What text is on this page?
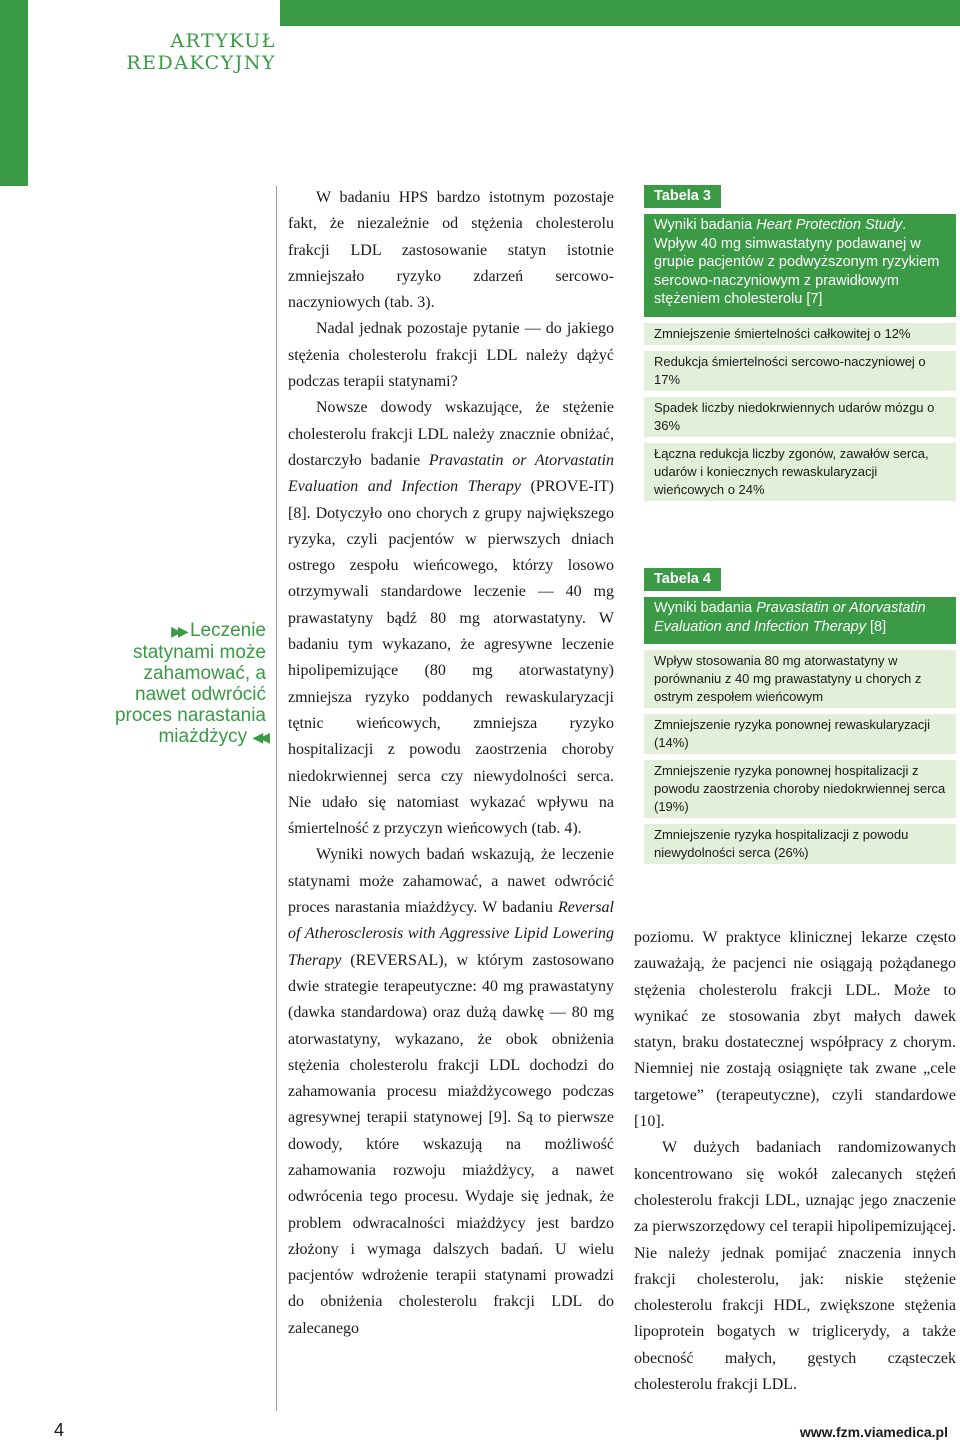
ARTYKUŁ
REDAKCYJNY
▶▶ Leczenie statynami może zahamować, a nawet odwrócić proces narastania miażdżycy ◀◀

W badaniu HPS bardzo istotnym pozostaje fakt, że niezależnie od stężenia cholesterolu frakcji LDL zastosowanie statyn istotnie zmniejszało ryzyko zdarzeń sercowo-naczyniowych (tab. 3).

Nadal jednak pozostaje pytanie — do jakiego stężenia cholesterolu frakcji LDL należy dążyć podczas terapii statynami?

Nowsze dowody wskazujące, że stężenie cholesterolu frakcji LDL należy znacznie obniżać, dostarczyło badanie Pravastatin or Atorvastatin Evaluation and Infection Therapy (PROVE-IT) [8]. Dotyczyło ono chorych z grupy największego ryzyka, czyli pacjentów w pierwszych dniach ostrego zespołu wieńcowego, którzy losowo otrzymywali standardowe leczenie — 40 mg prawastatyny bądź 80 mg atorwastatyny. W badaniu tym wykazano, że agresywne leczenie hipolipemizujące (80 mg atorwastatyny) zmniejsza ryzyko poddanych rewaskularyzacji tętnic wieńcowych, zmniejsza ryzyko hospitalizacji z powodu zaostrzenia choroby niedokrwiennej serca czy niewydolności serca. Nie udało się natomiast wykazać wpływu na śmiertelność z przyczyn wieńcowych (tab. 4).

Wyniki nowych badań wskazują, że leczenie statynami może zahamować, a nawet odwrócić proces narastania miażdżycy. W badaniu Reversal of Atherosclerosis with Aggressive Lipid Lowering Therapy (REVERSAL), w którym zastosowano dwie strategie terapeutyczne: 40 mg prawastatyny (dawka standardowa) oraz dużą dawkę — 80 mg atorwastatyny, wykazano, że obok obniżenia stężenia cholesterolu frakcji LDL dochodzi do zahamowania procesu miażdżycowego podczas agresywnej terapii statynowej [9]. Są to pierwsze dowody, które wskazują na możliwość zahamowania rozwoju miażdżycy, a nawet odwrócenia tego procesu. Wydaje się jednak, że problem odwracalności miażdżycy jest bardzo złożony i wymaga dalszych badań. U wielu pacjentów wdrożenie terapii statynami prowadzi do obniżenia cholesterolu frakcji LDL do zalecanego

Tabela 3
Wyniki badania Heart Protection Study. Wpływ 40 mg simwastatyny podawanej w grupie pacjentów z podwyższonym ryzykiem sercowo-naczyniowym z prawidłowym stężeniem cholesterolu [7]
Zmniejszenie śmiertelności całkowitej o 12%
Redukcja śmiertelności sercowo-naczyniowej o 17%
Spadek liczby niedokrwiennych udarów mózgu o 36%
Łączna redukcja liczby zgonów, zawałów serca, udarów i koniecznych rewaskularyzacji wieńcowych o 24%
Tabela 4
Wyniki badania Pravastatin or Atorvastatin Evaluation and Infection Therapy [8]
Wpływ stosowania 80 mg atorwastatyny w porównaniu z 40 mg prawastatyny u chorych z ostrym zespołem wieńcowym
Zmniejszenie ryzyka ponownej rewaskularyzacji (14%)
Zmniejszenie ryzyka ponownej hospitalizacji z powodu zaostrzenia choroby niedokrwiennej serca (19%)
Zmniejszenie ryzyka hospitalizacji z powodu niewydolności serca (26%)

poziomu. W praktyce klinicznej lekarze często zauważają, że pacjenci nie osiągają pożądanego stężenia cholesterolu frakcji LDL. Może to wynikać ze stosowania zbyt małych dawek statyn, braku dostatecznej współpracy z chorym. Niemniej nie zostają osiągnięte tak zwane „cele targetowe” (terapeutyczne), czyli standardowe [10].

W dużych badaniach randomizowanych koncentrowano się wokół zalecanych stężeń cholesterolu frakcji LDL, uznając jego znaczenie za pierwszorzędowy cel terapii hipolipemizującej. Nie należy jednak pomijać znaczenia innych frakcji cholesterolu, jak: niskie stężenie cholesterolu frakcji HDL, zwiększone stężenia lipoprotein bogatych w triglicerydy, a także obecność małych, gęstych cząsteczek cholesterolu frakcji LDL.

4	www.fzm.viamedica.pl
